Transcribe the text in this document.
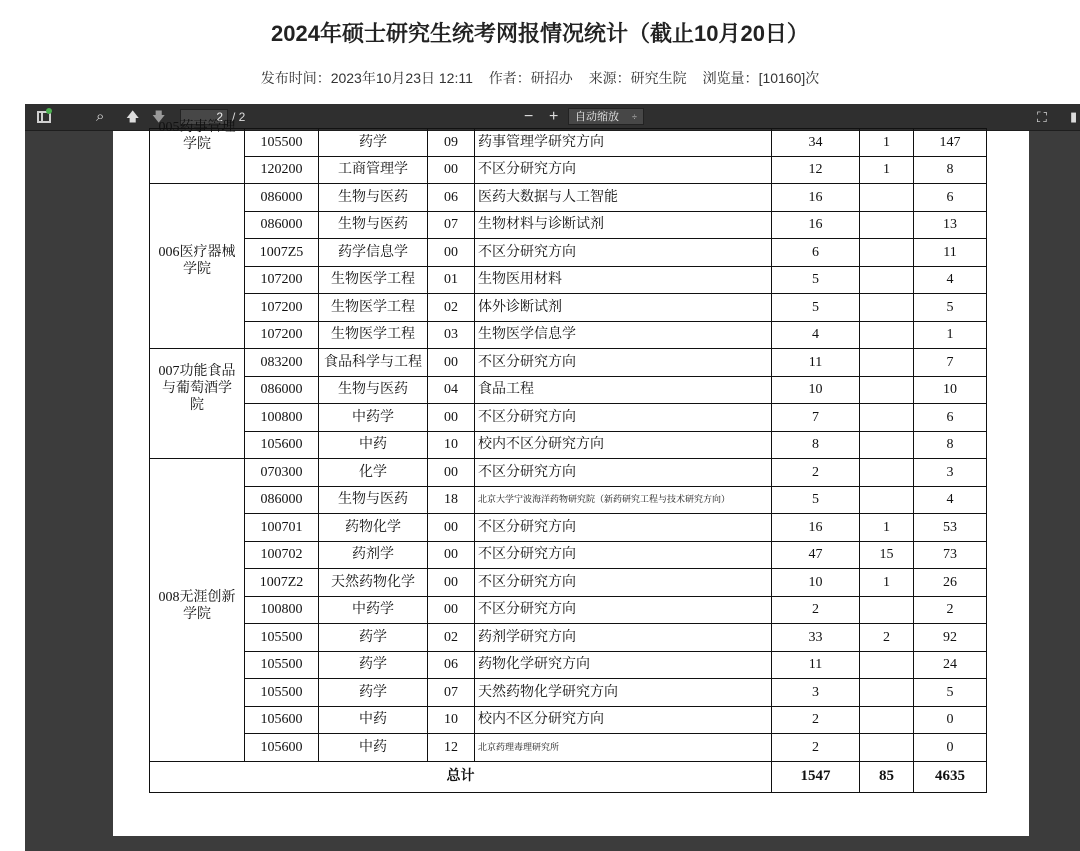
2024年硕士研究生统考网报情况统计（截止10月20日）
发布时间：2023年10月23日 12:11 作者：研招办 来源：研究生院 浏览量：[10160]次
⌕ 🡅 🡇
2	/ 2	− +	自动缩放 ÷	⛶ ▮
005药事管理
学院	105500	药学	09	药事管理学研究方向	34	1	147
	120200	工商管理学	00	不区分研究方向	12	1	8

006医疗器械
学院	086000	生物与医药	06	医药大数据与人工智能	16		6
	086000	生物与医药	07	生物材料与诊断试剂	16		13
	1007Z5	药学信息学	00	不区分研究方向	6		11
	107200	生物医学工程	01	生物医用材料	5		4
	107200	生物医学工程	02	体外诊断试剂	5		5
	107200	生物医学工程	03	生物医学信息学	4		1

007功能食品
与葡萄酒学
院	083200	食品科学与工程	00	不区分研究方向	11		7
	086000	生物与医药	04	食品工程	10		10
	100800	中药学	00	不区分研究方向	7		6
	105600	中药	10	校内不区分研究方向	8		8

008无涯创新
学院	070300	化学	00	不区分研究方向	2		3
	086000	生物与医药	18	北京大学宁波海洋药物研究院（新药研究工程与技术研究方向）	5		4
	100701	药物化学	00	不区分研究方向	16	1	53
	100702	药剂学	00	不区分研究方向	47	15	73
	1007Z2	天然药物化学	00	不区分研究方向	10	1	26
	100800	中药学	00	不区分研究方向	2		2
	105500	药学	02	药剂学研究方向	33	2	92
	105500	药学	06	药物化学研究方向	11		24
	105500	药学	07	天然药物化学研究方向	3		5
	105600	中药	10	校内不区分研究方向	2		0
	105600	中药	12	北京药理毒理研究所	2		0
总计					1547	85	4635
